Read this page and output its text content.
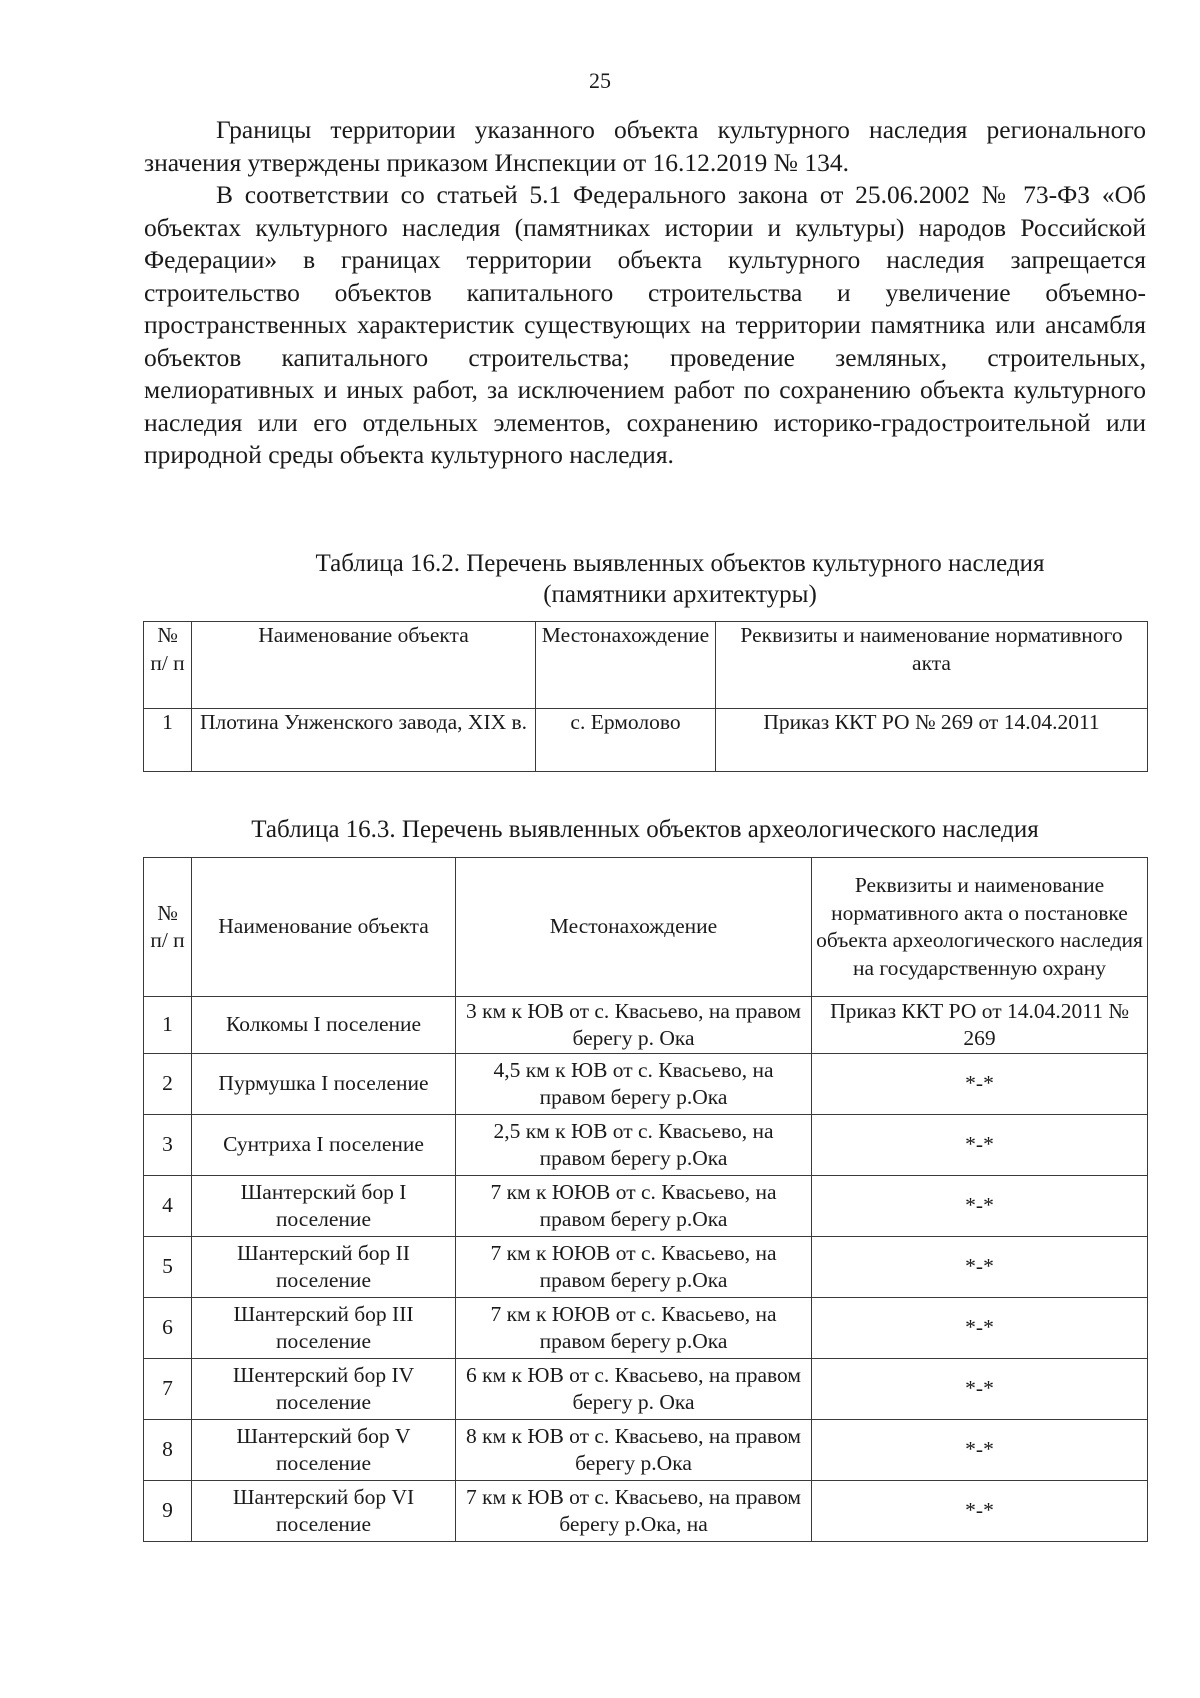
25

Границы территории указанного объекта культурного наследия регионального значения утверждены приказом Инспекции от 16.12.2019 № 134.

В соответствии со статьей 5.1 Федерального закона от 25.06.2002 № 73-ФЗ «Об объектах культурного наследия (памятниках истории и культуры) народов Российской Федерации» в границах территории объекта культурного наследия запрещается строительство объектов капитального строительства и увеличение объемно-пространственных характеристик существующих на территории памятника или ансамбля объектов капитального строительства; проведение земляных, строительных, мелиоративных и иных работ, за исключением работ по сохранению объекта культурного наследия или его отдельных элементов, сохранению историко-градостроительной или природной среды объекта культурного наследия.

Таблица 16.2. Перечень выявленных объектов культурного наследия
(памятники архитектуры)
№ п/ п	Наименование объекта	Местонахождение	Реквизиты и наименование нормативного акта
1	Плотина Унженского завода, XIX в.	с. Ермолово	Приказ ККТ РО № 269 от 14.04.2011
Таблица 16.3. Перечень выявленных объектов археологического наследия
№ п/ п	Наименование объекта	Местонахождение	Реквизиты и наименование нормативного акта о постановке объекта археологического наследия на государственную охрану
1	Колкомы I поселение	3 км к ЮВ от с. Квасьево, на правом берегу р. Ока	Приказ ККТ РО от 14.04.2011 № 269
2	Пурмушка I поселение	4,5 км к ЮВ от с. Квасьево, на правом берегу р.Ока	*-*
3	Сунтриха I поселение	2,5 км к ЮВ от с. Квасьево, на правом берегу р.Ока	*-*
4	Шантерский бор I поселение	7 км к ЮЮВ от с. Квасьево, на правом берегу р.Ока	*-*
5	Шантерский бор II поселение	7 км к ЮЮВ от с. Квасьево, на правом берегу р.Ока	*-*
6	Шантерский бор III поселение	7 км к ЮЮВ от с. Квасьево, на правом берегу р.Ока	*-*
7	Шентерский бор IV поселение	6 км к ЮВ от с. Квасьево, на правом берегу р. Ока	*-*
8	Шантерский бор V поселение	8 км к ЮВ от с. Квасьево, на правом берегу р.Ока	*-*
9	Шантерский бор VI поселение	7 км к ЮВ от с. Квасьево, на правом берегу р.Ока, на	*-*
